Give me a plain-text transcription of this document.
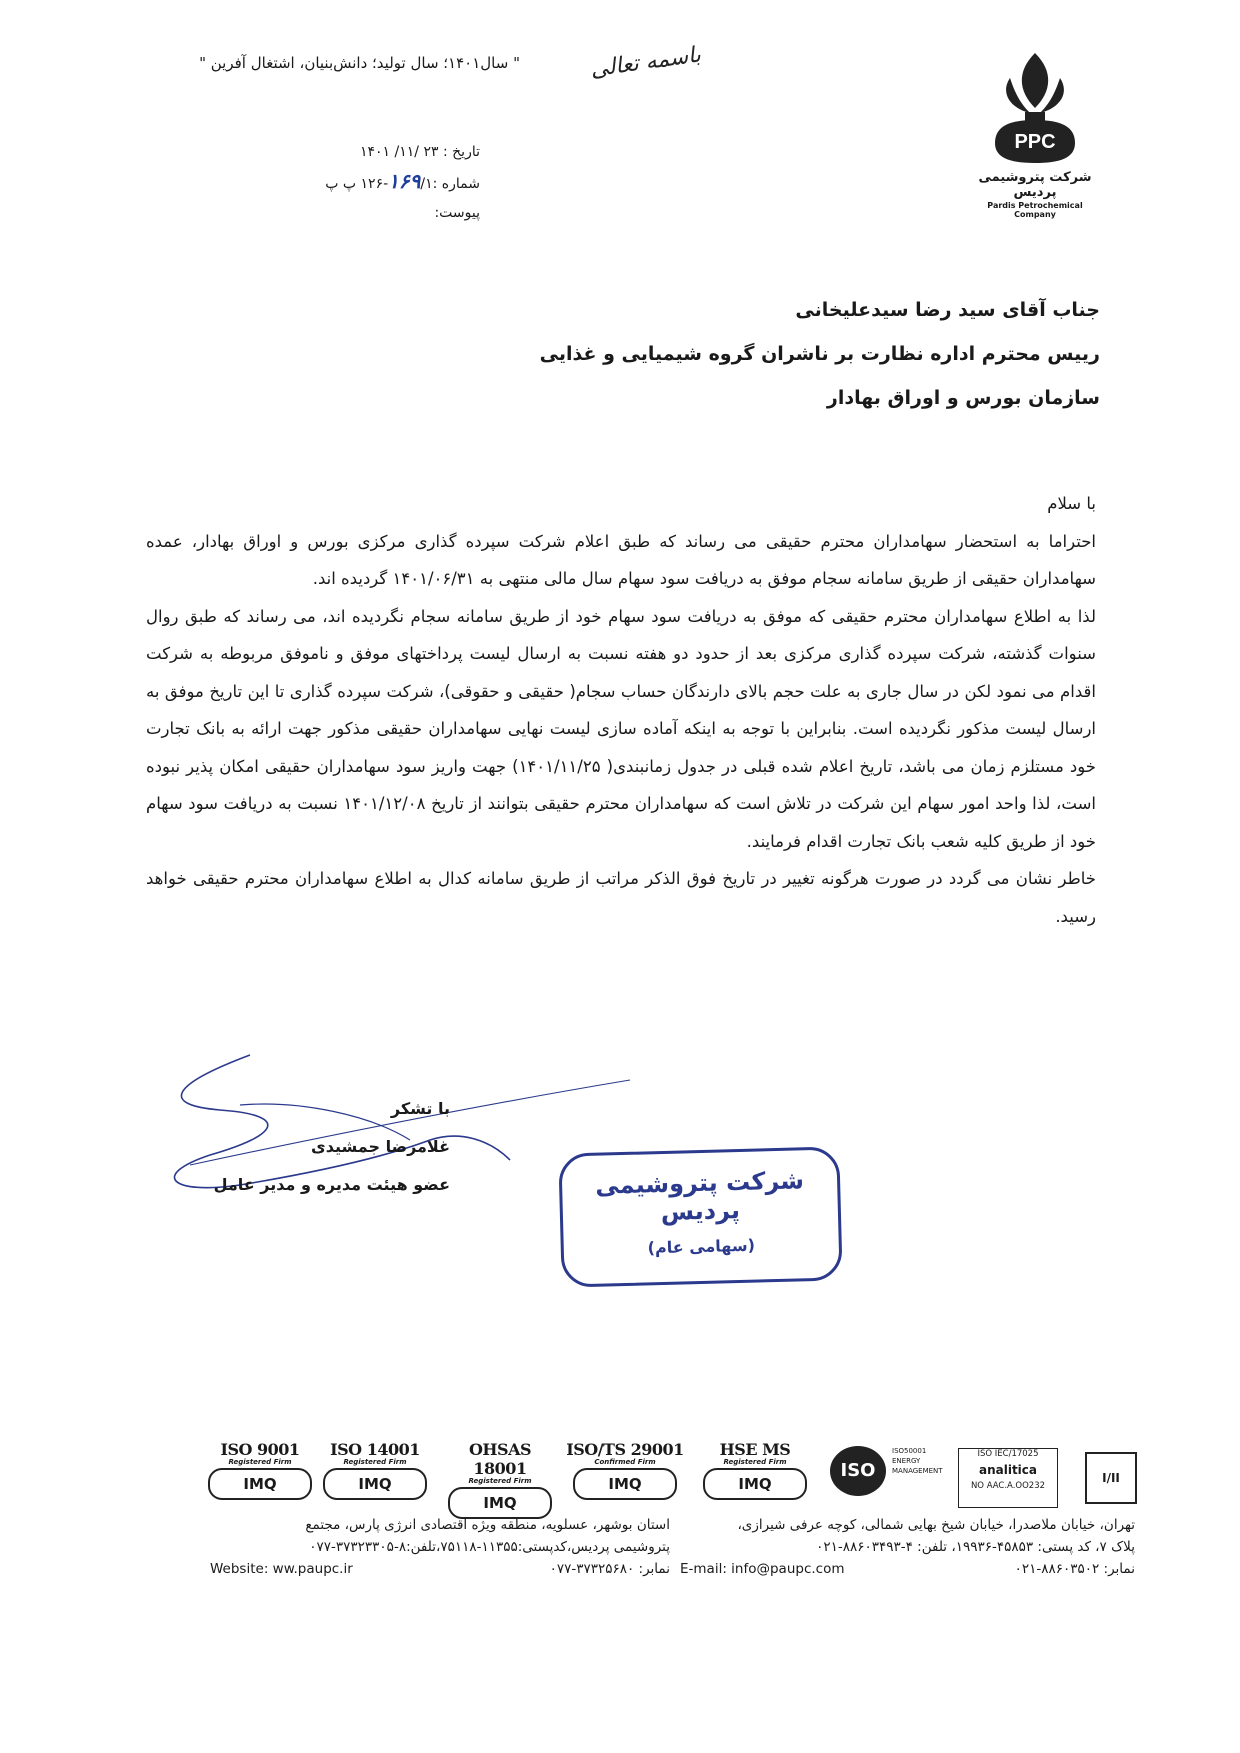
PPC
شرکت پتروشیمی پردیس
Pardis Petrochemical Company
باسمه تعالی
" سال۱۴۰۱؛ سال تولید؛ دانش‌بنیان، اشتغال آفرین "
تاریخ : ۲۳ /۱۱/ ۱۴۰۱
شماره :۱۶۹/۱-۱۲۶ پ پ
پیوست:
جناب آقای سید رضا سیدعلیخانی
رییس محترم اداره نظارت بر ناشران گروه شیمیایی و غذایی
سازمان بورس و اوراق بهادار

با سلام

احتراما به استحضار سهامداران محترم حقیقی می رساند که طبق اعلام شرکت سپرده گذاری مرکزی بورس و اوراق بهادار، عمده سهامداران حقیقی از طریق سامانه سجام موفق به دریافت سود سهام سال مالی منتهی به ۱۴۰۱/۰۶/۳۱ گردیده اند.

لذا به اطلاع سهامداران محترم حقیقی که موفق به دریافت سود سهام خود از طریق سامانه سجام نگردیده اند، می رساند که طبق روال سنوات گذشته، شرکت سپرده گذاری مرکزی بعد از حدود دو هفته نسبت به ارسال لیست پرداختهای موفق و ناموفق مربوطه به شرکت اقدام می نمود لکن در سال جاری به علت حجم بالای دارندگان حساب سجام( حقیقی و حقوقی)، شرکت سپرده گذاری تا این تاریخ موفق به ارسال لیست مذکور نگردیده است. بنابراین با توجه به اینکه آماده سازی لیست نهایی سهامداران حقیقی مذکور جهت ارائه به بانک تجارت خود مستلزم زمان می باشد، تاریخ اعلام شده قبلی در جدول زمانبندی( ۱۴۰۱/۱۱/۲۵) جهت واریز سود سهامداران حقیقی امکان پذیر نبوده است، لذا واحد امور سهام این شرکت در تلاش است که سهامداران محترم حقیقی بتوانند از تاریخ ۱۴۰۱/۱۲/۰۸ نسبت به دریافت سود سهام خود از طریق کلیه شعب بانک تجارت اقدام فرمایند.

خاطر نشان می گردد در صورت هرگونه تغییر در تاریخ فوق الذکر مراتب از طریق سامانه کدال به اطلاع سهامداران محترم حقیقی خواهد رسید.

با تشکر
غلامرضا جمشیدی
عضو هیئت مدیره و مدیر عامل	شرکت پتروشیمی پردیس
(سهامی عام)
ISO 9001
Registered Firm
IMQ
ISO 14001
Registered Firm
IMQ
OHSAS 18001
Registered Firm
IMQ
ISO/TS 29001
Confirmed Firm
IMQ
HSE MS
Registered Firm
IMQ
ISO
ISO50001 ENERGY MANAGEMENT
ISO IEC/17025
analitica
NO AAC.A.OO232
I/II
استان بوشهر، عسلویه، منطقه ویژه اقتصادی انرژی پارس، مجتمع
پتروشیمی پردیس،کدپستی:۱۱۳۵۵-۷۵۱۱۸،تلفن:۸-۳۷۳۲۳۳۰۵-۰۷۷
نمابر: ۳۷۳۲۵۶۸۰-۰۷۷
Website: ww.paupc.ir
تهران، خیابان ملاصدرا، خیابان شیخ بهایی شمالی، کوچه عرفی شیرازی،
پلاک ۷، کد پستی: ۴۵۸۵۳-۱۹۹۳۶، تلفن: ۴-۸۸۶۰۳۴۹۳-۰۲۱
نمابر: ۸۸۶۰۳۵۰۲-۰۲۱
E-mail: info@paupc.com
